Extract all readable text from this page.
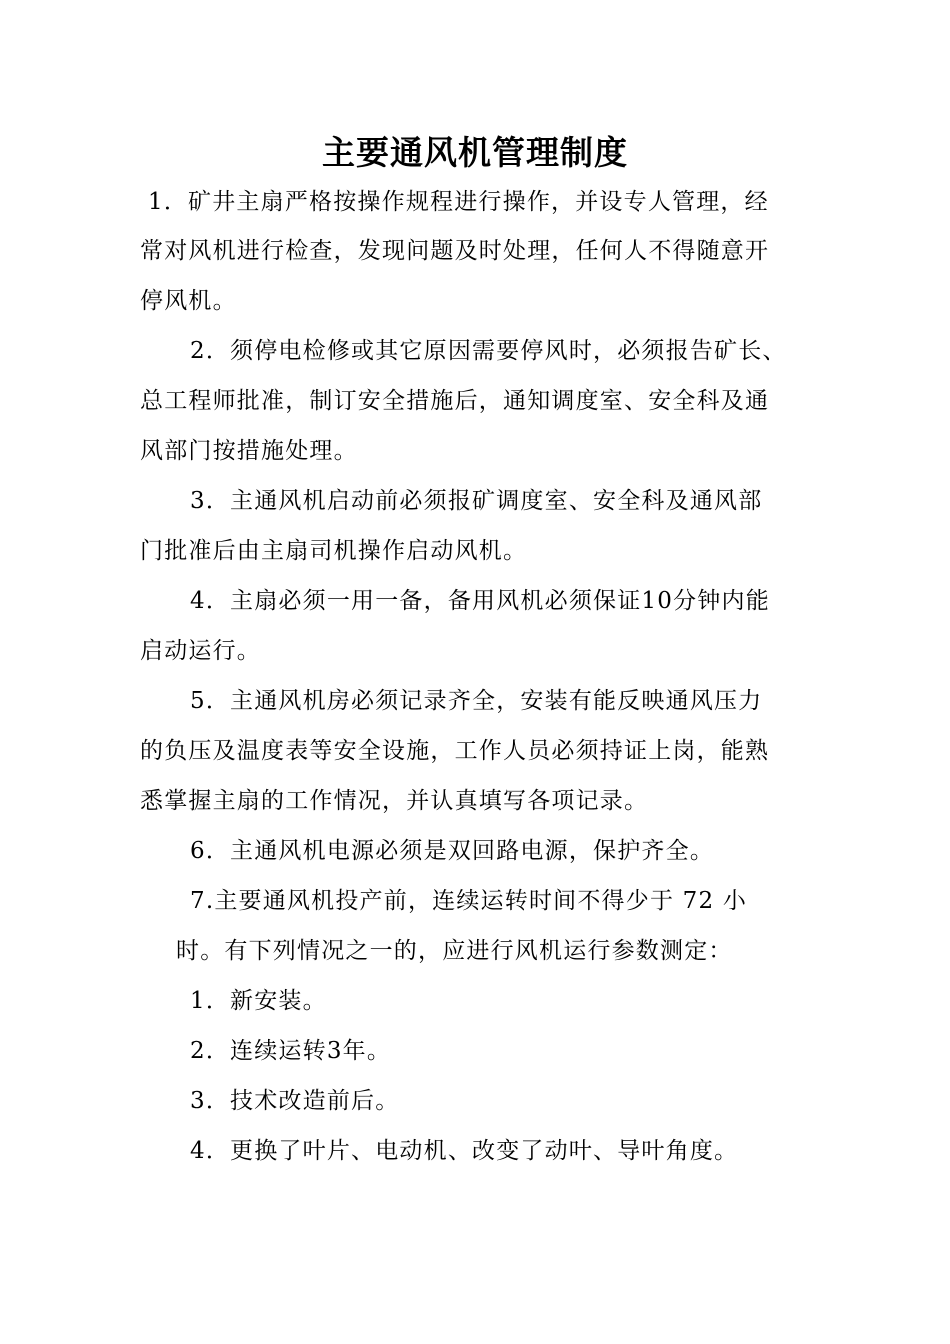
主要通风机管理制度

1．矿井主扇严格按操作规程进行操作，并设专人管理，经

常对风机进行检查，发现问题及时处理，任何人不得随意开

停风机。

2．须停电检修或其它原因需要停风时，必须报告矿长、

总工程师批准，制订安全措施后，通知调度室、安全科及通

风部门按措施处理。

3．主通风机启动前必须报矿调度室、安全科及通风部

门批准后由主扇司机操作启动风机。

4．主扇必须一用一备，备用风机必须保证10分钟内能

启动运行。

5．主通风机房必须记录齐全，安装有能反映通风压力

的负压及温度表等安全设施，工作人员必须持证上岗，能熟

悉掌握主扇的工作情况，并认真填写各项记录。

6．主通风机电源必须是双回路电源，保护齐全。

7.主要通风机投产前，连续运转时间不得少于 72 小

时。有下列情况之一的，应进行风机运行参数测定：

1．新安装。

2．连续运转3年。

3．技术改造前后。

4．更换了叶片、电动机、改变了动叶、导叶角度。
